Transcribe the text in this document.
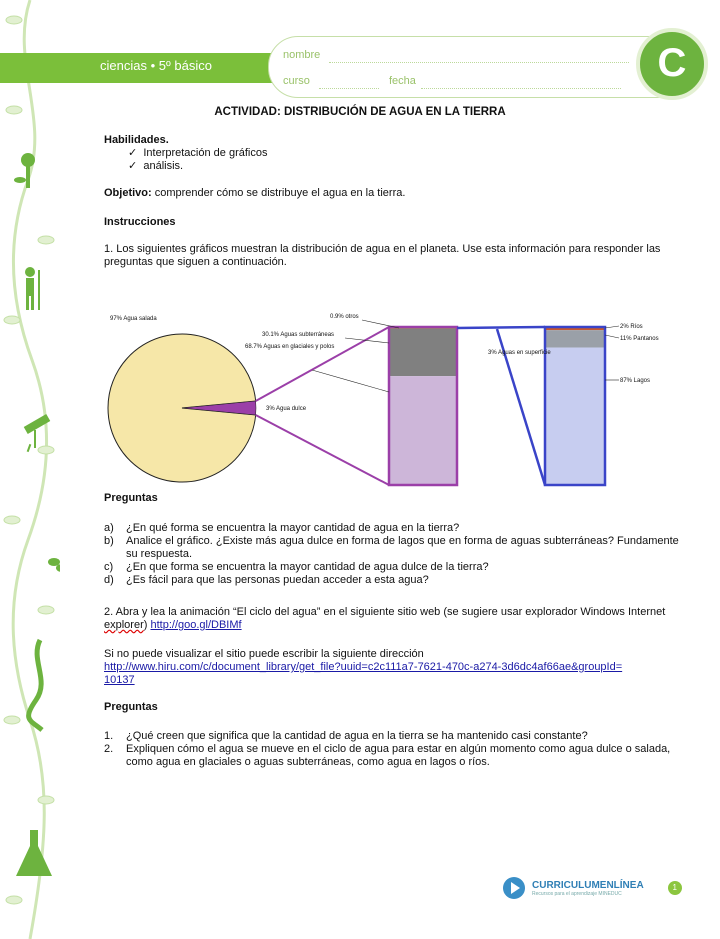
ciencias • 5º básico
nombre
curso	fecha	C
ACTIVIDAD: DISTRIBUCIÓN DE AGUA EN LA TIERRA
Habilidades.
✓  Interpretación de gráficos
✓  análisis.
Objetivo: comprender cómo se distribuye el agua en la tierra.
Instrucciones
1. Los siguientes gráficos muestran la distribución de agua en el planeta. Use esta información para responder las preguntas que siguen a continuación.
97% Agua salada
3% Agua dulce
0.9% otros
30.1% Aguas subterráneas
68.7% Aguas en glaciales y polos
3% Aguas en superficie
2% Ríos
11% Pantanos
87% Lagos
Preguntas
a) ¿En qué forma se encuentra la mayor cantidad de agua en la tierra?
b) Analice el gráfico. ¿Existe más agua dulce en forma de lagos que en forma de aguas subterráneas? Fundamente su respuesta.
c) ¿En que forma se encuentra la mayor cantidad de agua dulce de la tierra?
d) ¿Es fácil para que las personas puedan acceder a esta agua?
2. Abra y lea la animación “El ciclo del agua” en el siguiente sitio web (se sugiere usar explorador Windows Internet explorer) http://goo.gl/DBIMf
Si no puede visualizar el sitio puede escribir la siguiente dirección
http://www.hiru.com/c/document_library/get_file?uuid=c2c111a7-7621-470c-a274-3d6dc4af66ae&groupId=10137
Preguntas
1. ¿Qué creen que significa que la cantidad de agua en la tierra se ha mantenido casi constante?
2. Expliquen cómo el agua se mueve en el ciclo de agua para estar en algún momento como agua dulce o salada, como agua en glaciales o aguas subterráneas, como agua en lagos o ríos.
CURRICULUMENLÍNEA
Recursos para el aprendizaje MINEDUC
1
